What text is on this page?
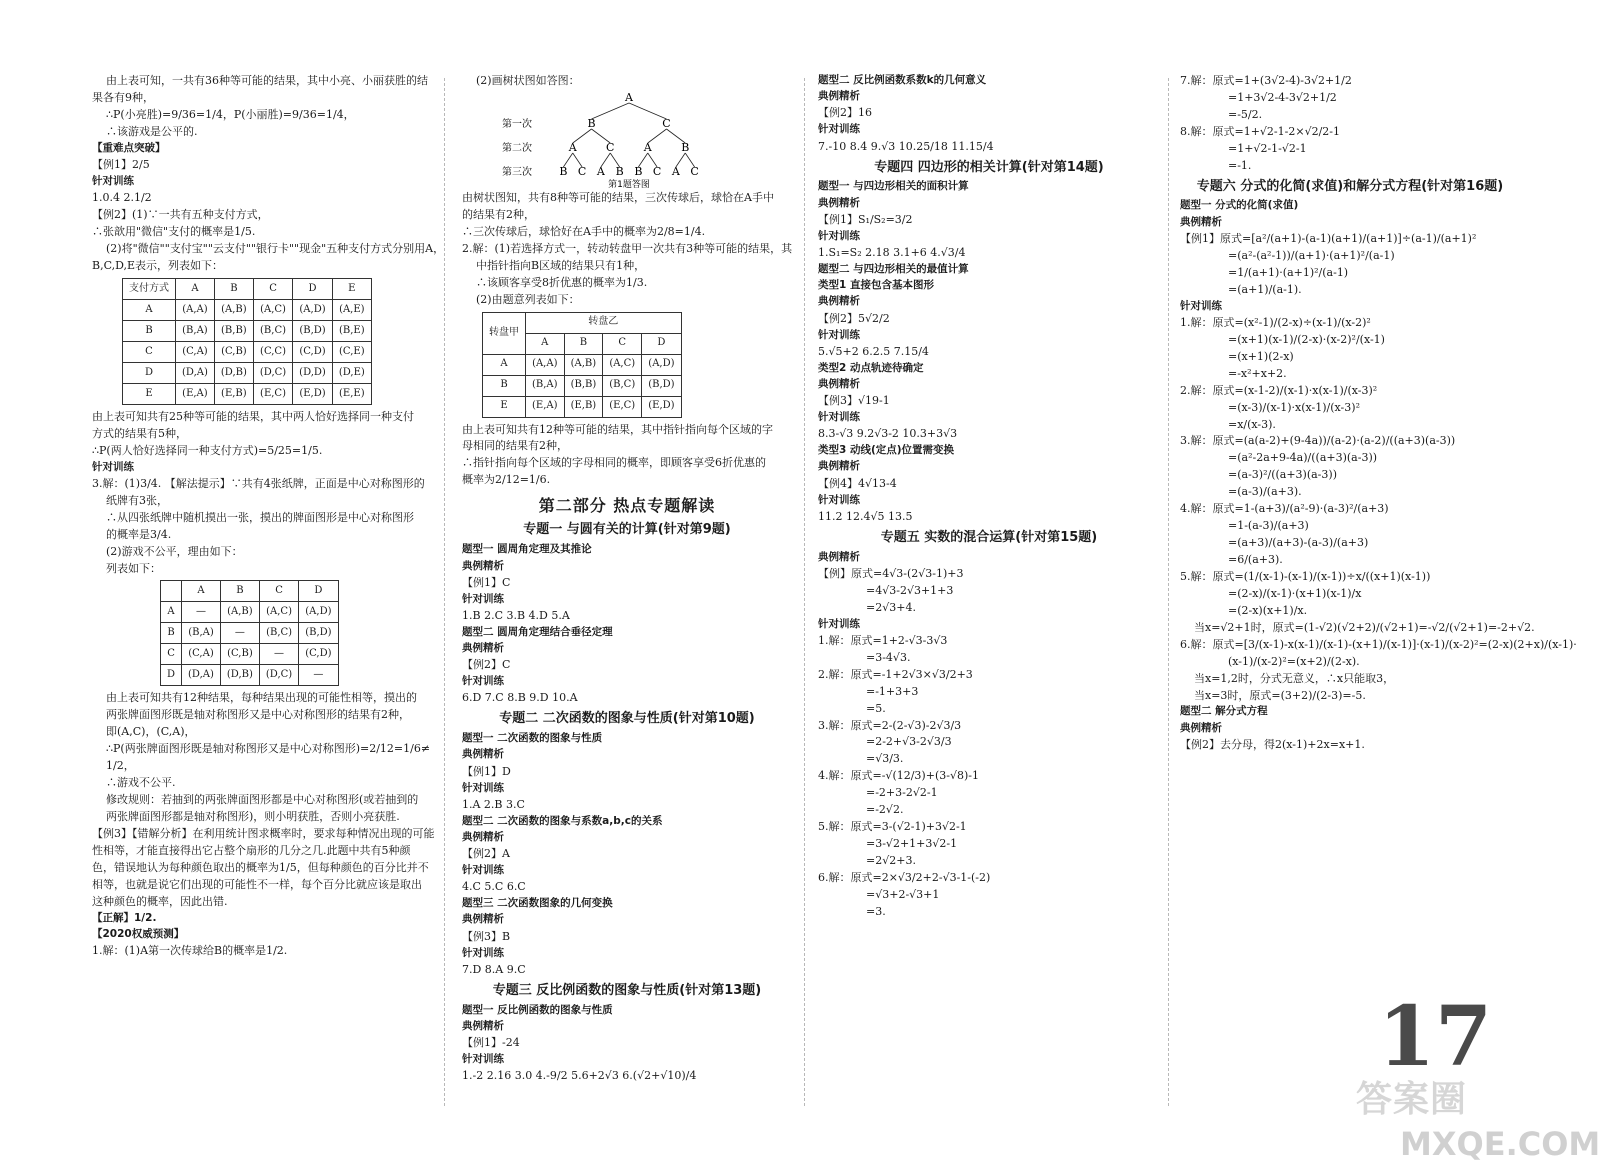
由上表可知，一共有36种等可能的结果，其中小亮、小丽获胜的结
果各有9种，
∴P(小亮胜)=9/36=1/4，P(小丽胜)=9/36=1/4，
∴该游戏是公平的.
【重难点突破】
【例1】2/5
针对训练
1.0.4 2.1/2
【例2】(1)∵一共有五种支付方式，
∴张歆用"微信"支付的概率是1/5.
(2)将"微信""支付宝""云支付""银行卡""现金"五种支付方式分别用A，
B,C,D,E表示，列表如下：
支付方式	A	B	C	D	E
A	(A,A)	(A,B)	(A,C)	(A,D)	(A,E)
B	(B,A)	(B,B)	(B,C)	(B,D)	(B,E)
C	(C,A)	(C,B)	(C,C)	(C,D)	(C,E)
D	(D,A)	(D,B)	(D,C)	(D,D)	(D,E)
E	(E,A)	(E,B)	(E,C)	(E,D)	(E,E)
由上表可知共有25种等可能的结果，其中两人恰好选择同一种支付
方式的结果有5种，
∴P(两人恰好选择同一种支付方式)=5/25=1/5.
针对训练
3.解：(1)3/4. 【解法提示】∵共有4张纸牌，正面是中心对称图形的
纸牌有3张，
∴从四张纸牌中随机摸出一张，摸出的牌面图形是中心对称图形
的概率是3/4.
(2)游戏不公平，理由如下：
列表如下：
	A	B	C	D
A	—	(A,B)	(A,C)	(A,D)
B	(B,A)	—	(B,C)	(B,D)
C	(C,A)	(C,B)	—	(C,D)
D	(D,A)	(D,B)	(D,C)	—
由上表可知共有12种结果，每种结果出现的可能性相等，摸出的
两张牌面图形既是轴对称图形又是中心对称图形的结果有2种，
即(A,C)，(C,A)，
∴P(两张牌面图形既是轴对称图形又是中心对称图形)=2/12=1/6≠
1/2，
∴游戏不公平.
修改规则：若抽到的两张牌面图形都是中心对称图形(或若抽到的
两张牌面图形都是轴对称图形)，则小明获胜，否则小亮获胜.
【例3】【错解分析】在利用统计图求概率时，要求每种情况出现的可能
性相等，才能直接得出它占整个扇形的几分之几.此题中共有5种颜
色，错误地认为每种颜色取出的概率为1/5，但每种颜色的百分比并不
相等，也就是说它们出现的可能性不一样，每个百分比就应该是取出
这种颜色的概率，因此出错.
【正解】1/2.
【2020权威预测】
1.解：(1)A第一次传球给B的概率是1/2.
(2)画树状图如答图：
A
B	C
A	C	A	B
B C A B B C A C
第一次
第二次
第三次
第1题答图
由树状图知，共有8种等可能的结果，三次传球后，球恰在A手中
的结果有2种，
∴三次传球后，球恰好在A手中的概率为2/8=1/4.
2.解：(1)若选择方式一，转动转盘甲一次共有3种等可能的结果，其
中指针指向B区域的结果只有1种，
∴该顾客享受8折优惠的概率为1/3.
(2)由题意列表如下：
转盘甲	转盘乙			
	A	B	C	D
A	(A,A)	(A,B)	(A,C)	(A,D)
B	(B,A)	(B,B)	(B,C)	(B,D)
E	(E,A)	(E,B)	(E,C)	(E,D)
由上表可知共有12种等可能的结果，其中指针指向每个区域的字
母相同的结果有2种，
∴指针指向每个区域的字母相同的概率，即顾客享受6折优惠的
概率为2/12=1/6.
第二部分 热点专题解读
专题一 与圆有关的计算(针对第9题)
题型一 圆周角定理及其推论
典例精析
【例1】C
针对训练
1.B 2.C 3.B 4.D 5.A
题型二 圆周角定理结合垂径定理
典例精析
【例2】C
针对训练
6.D 7.C 8.B 9.D 10.A
专题二 二次函数的图象与性质(针对第10题)
题型一 二次函数的图象与性质
典例精析
【例1】D
针对训练
1.A 2.B 3.C
题型二 二次函数的图象与系数a,b,c的关系
典例精析
【例2】A
针对训练
4.C 5.C 6.C
题型三 二次函数图象的几何变换
典例精析
【例3】B
针对训练
7.D 8.A 9.C
专题三 反比例函数的图象与性质(针对第13题)
题型一 反比例函数的图象与性质
典例精析
【例1】-24
针对训练
1.-2 2.16 3.0 4.-9/2 5.6+2√3 6.(√2+√10)/4
题型二 反比例函数系数k的几何意义
典例精析
【例2】16
针对训练
7.-10 8.4 9.√3 10.25/18 11.15/4
专题四 四边形的相关计算(针对第14题)
题型一 与四边形相关的面积计算
典例精析
【例1】S₁/S₂=3/2
针对训练
1.S₁=S₂ 2.18 3.1+6 4.√3/4
题型二 与四边形相关的最值计算
类型1 直接包含基本图形
典例精析
【例2】5√2/2
针对训练
5.√5+2 6.2.5 7.15/4
类型2 动点轨迹待确定
典例精析
【例3】√19-1
针对训练
8.3-√3 9.2√3-2 10.3+3√3
类型3 动线(定点)位置需变换
典例精析
【例4】4√13-4
针对训练
11.2 12.4√5 13.5
专题五 实数的混合运算(针对第15题)
典例精析
【例】原式=4√3-(2√3-1)+3
=4√3-2√3+1+3
=2√3+4.
针对训练
1.解：原式=1+2-√3-3√3
=3-4√3.
2.解：原式=-1+2√3×√3/2+3
=-1+3+3
=5.
3.解：原式=2-(2-√3)-2√3/3
=2-2+√3-2√3/3
=√3/3.
4.解：原式=-√(12/3)+(3-√8)-1
=-2+3-2√2-1
=-2√2.
5.解：原式=3-(√2-1)+3√2-1
=3-√2+1+3√2-1
=2√2+3.
6.解：原式=2×√3/2+2-√3-1-(-2)
=√3+2-√3+1
=3.
7.解：原式=1+(3√2-4)-3√2+1/2
=1+3√2-4-3√2+1/2
=-5/2.
8.解：原式=1+√2-1-2×√2/2-1
=1+√2-1-√2-1
=-1.
专题六 分式的化简(求值)和解分式方程(针对第16题)
题型一 分式的化简(求值)
典例精析
【例1】原式=[a²/(a+1)-(a-1)(a+1)/(a+1)]÷(a-1)/(a+1)²
=(a²-(a²-1))/(a+1)·(a+1)²/(a-1)
=1/(a+1)·(a+1)²/(a-1)
=(a+1)/(a-1).
针对训练
1.解：原式=(x²-1)/(2-x)÷(x-1)/(x-2)²
=(x+1)(x-1)/(2-x)·(x-2)²/(x-1)
=(x+1)(2-x)
=-x²+x+2.
2.解：原式=(x-1-2)/(x-1)·x(x-1)/(x-3)²
=(x-3)/(x-1)·x(x-1)/(x-3)²
=x/(x-3).
3.解：原式=(a(a-2)+(9-4a))/(a-2)·(a-2)/((a+3)(a-3))
=(a²-2a+9-4a)/((a+3)(a-3))
=(a-3)²/((a+3)(a-3))
=(a-3)/(a+3).
4.解：原式=1-(a+3)/(a²-9)·(a-3)²/(a+3)
=1-(a-3)/(a+3)
=(a+3)/(a+3)-(a-3)/(a+3)
=6/(a+3).
5.解：原式=(1/(x-1)-(x-1)/(x-1))÷x/((x+1)(x-1))
=(2-x)/(x-1)·(x+1)(x-1)/x
=(2-x)(x+1)/x.
当x=√2+1时，原式=(1-√2)(√2+2)/(√2+1)=-√2/(√2+1)=-2+√2.
6.解：原式=[3/(x-1)-x(x-1)/(x-1)-(x+1)/(x-1)]·(x-1)/(x-2)²=(2-x)(2+x)/(x-1)·
(x-1)/(x-2)²=(x+2)/(2-x).
当x=1,2时，分式无意义，∴x只能取3，
当x=3时，原式=(3+2)/(2-3)=-5.
题型二 解分式方程
典例精析
【例2】去分母，得2(x-1)+2x=x+1.
17
答案圈
MXQE.COM
